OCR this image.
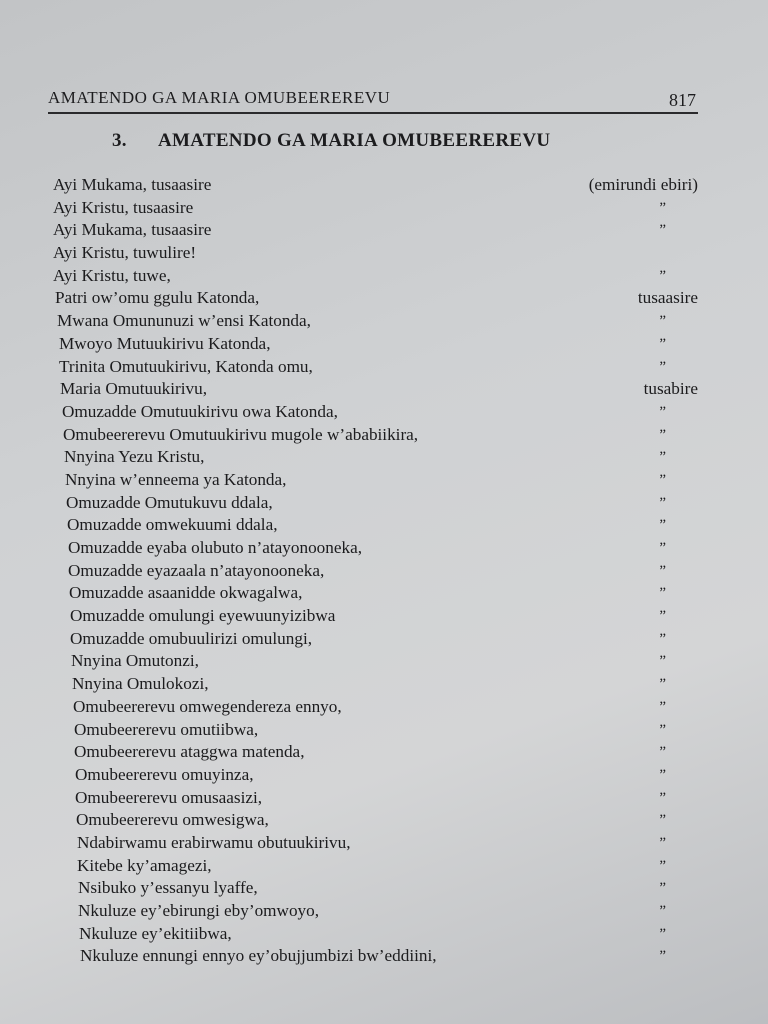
AMATENDO GA MARIA OMUBEEREREVU	817
3. AMATENDO GA MARIA OMUBEEREREVU
Ayi Mukama, tusaasire	(emirundi ebiri)
Ayi Kristu, tusaasire	”
Ayi Mukama, tusaasire	”
Ayi Kristu, tuwulire!
Ayi Kristu, tuwe,	”
Patri ow’omu ggulu Katonda,	tusaasire
Mwana Omununuzi w’ensi Katonda,	”
Mwoyo Mutuukirivu Katonda,	”
Trinita Omutuukirivu, Katonda omu,	”
Maria Omutuukirivu,	tusabire
Omuzadde Omutuukirivu owa Katonda,	”
Omubeererevu Omutuukirivu mugole w’ababiikira,	”
Nnyina Yezu Kristu,	”
Nnyina w’enneema ya Katonda,	”
Omuzadde Omutukuvu ddala,	”
Omuzadde omwekuumi ddala,	”
Omuzadde eyaba olubuto n’atayonooneka,	”
Omuzadde eyazaala n’atayonooneka,	”
Omuzadde asaanidde okwagalwa,	”
Omuzadde omulungi eyewuunyizibwa	”
Omuzadde omubuulirizi omulungi,	”
Nnyina Omutonzi,	”
Nnyina Omulokozi,	”
Omubeererevu omwegendereza ennyo,	”
Omubeererevu omutiibwa,	”
Omubeererevu ataggwa matenda,	”
Omubeererevu omuyinza,	”
Omubeererevu omusaasizi,	”
Omubeererevu omwesigwa,	”
Ndabirwamu erabirwamu obutuukirivu,	”
Kitebe ky’amagezi,	”
Nsibuko y’essanyu lyaffe,	”
Nkuluze ey’ebirungi eby’omwoyo,	”
Nkuluze ey’ekitiibwa,	”
Nkuluze ennungi ennyo ey’obujjumbizi bw’eddiini,	”
